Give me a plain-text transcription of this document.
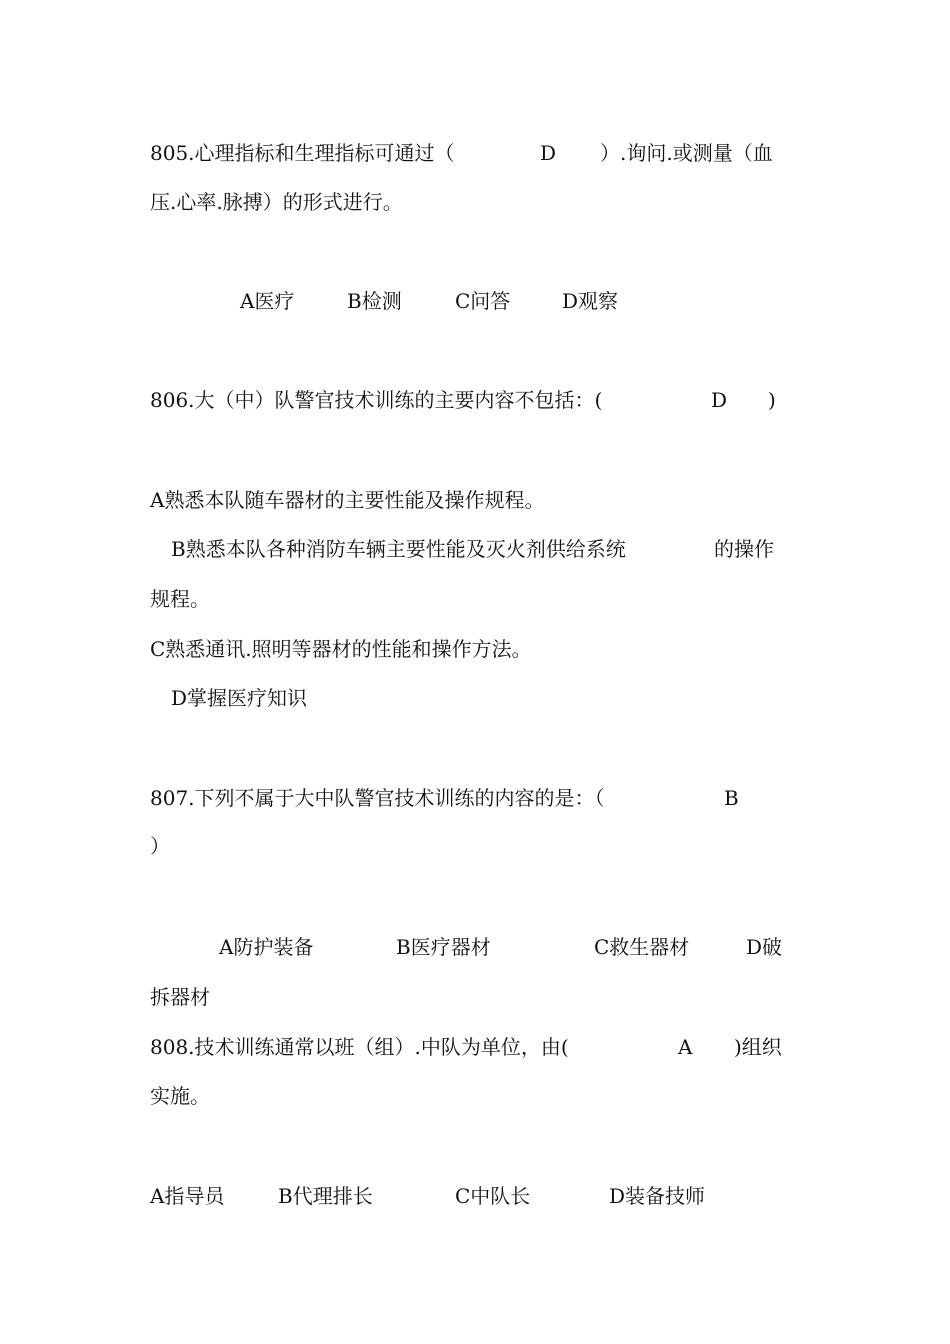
805.心理指标和生理指标可通过（	D ）.询问.或测量（血
压.心率.脉搏）的形式进行。
A医疗	B检测	C问答	D观察
806.大（中）队警官技术训练的主要内容不包括：(	D )
A熟悉本队随车器材的主要性能及操作规程。
B熟悉本队各种消防车辆主要性能及灭火剂供给系统	的操作
规程。
C熟悉通讯.照明等器材的性能和操作方法。
D掌握医疗知识
807.下列不属于大中队警官技术训练的内容的是：（	B
）
A防护装备	B医疗器材	C救生器材	D破
拆器材
808.技术训练通常以班（组）.中队为单位，由(	A )组织
实施。
A指导员	B代理排长	C中队长	D装备技师
